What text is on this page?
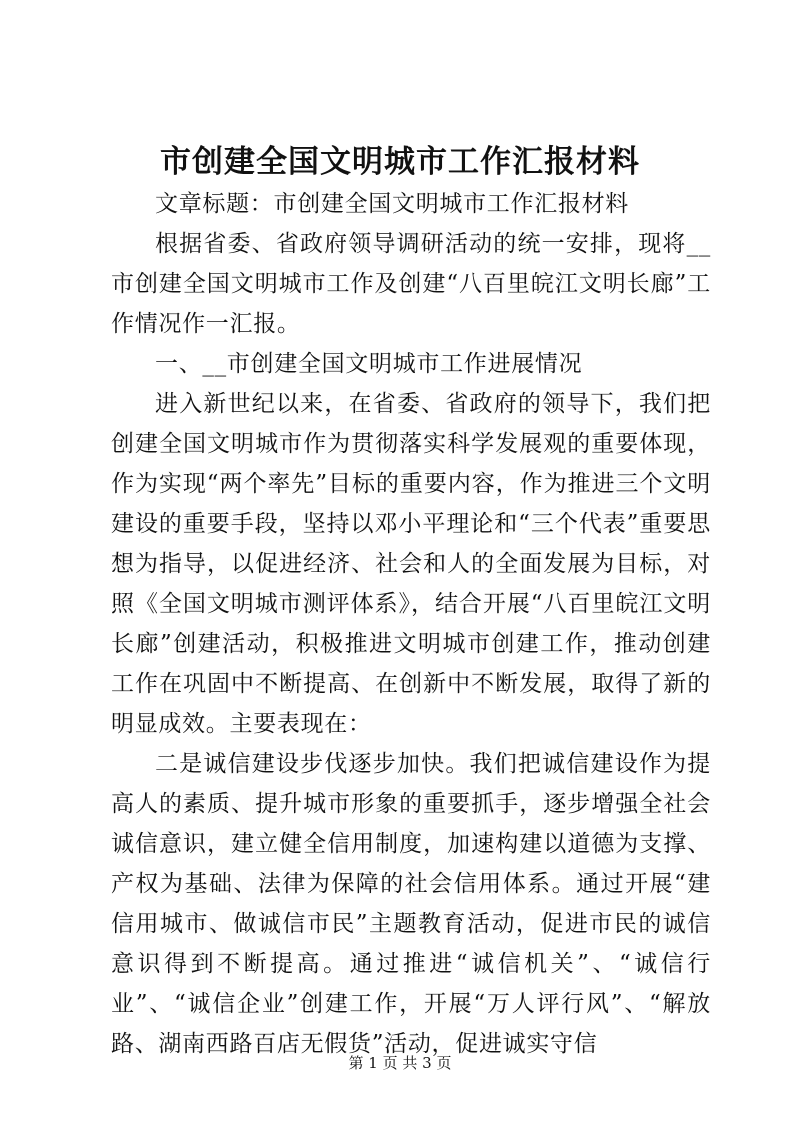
市创建全国文明城市工作汇报材料

文章标题：市创建全国文明城市工作汇报材料

根据省委、省政府领导调研活动的统一安排，现将__市创建全国文明城市工作及创建“八百里皖江文明长廊”工作情况作一汇报。

一、__市创建全国文明城市工作进展情况

进入新世纪以来，在省委、省政府的领导下，我们把创建全国文明城市作为贯彻落实科学发展观的重要体现，作为实现“两个率先”目标的重要内容，作为推进三个文明建设的重要手段，坚持以邓小平理论和“三个代表”重要思想为指导，以促进经济、社会和人的全面发展为目标，对照《全国文明城市测评体系》，结合开展“八百里皖江文明长廊”创建活动，积极推进文明城市创建工作，推动创建工作在巩固中不断提高、在创新中不断发展，取得了新的明显成效。主要表现在：

二是诚信建设步伐逐步加快。我们把诚信建设作为提高人的素质、提升城市形象的重要抓手，逐步增强全社会诚信意识，建立健全信用制度，加速构建以道德为支撑、产权为基础、法律为保障的社会信用体系。通过开展“建信用城市、做诚信市民”主题教育活动，促进市民的诚信意识得到不断提高。通过推进“诚信机关”、“诚信行业”、“诚信企业”创建工作，开展“万人评行风”、“解放路、湖南西路百店无假货”活动，促进诚实守信

第 1 页 共 3 页
